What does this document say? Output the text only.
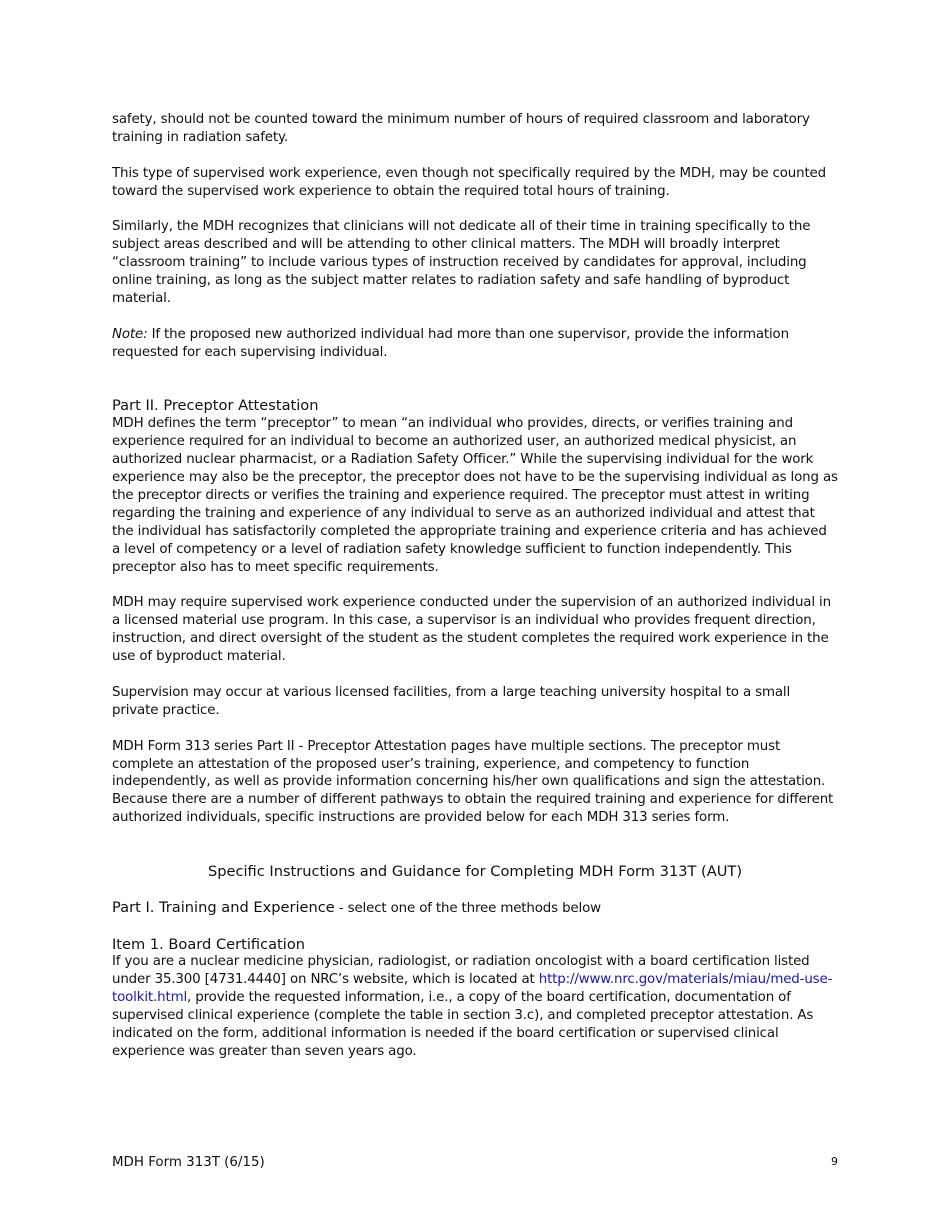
safety, should not be counted toward the minimum number of hours of required classroom and laboratory training in radiation safety.

This type of supervised work experience, even though not specifically required by the MDH, may be counted toward the supervised work experience to obtain the required total hours of training.

Similarly, the MDH recognizes that clinicians will not dedicate all of their time in training specifically to the subject areas described and will be attending to other clinical matters. The MDH will broadly interpret “classroom training” to include various types of instruction received by candidates for approval, including online training, as long as the subject matter relates to radiation safety and safe handling of byproduct material.

Note: If the proposed new authorized individual had more than one supervisor, provide the information requested for each supervising individual.

Part II. Preceptor Attestation

MDH defines the term “preceptor” to mean “an individual who provides, directs, or verifies training and experience required for an individual to become an authorized user, an authorized medical physicist, an authorized nuclear pharmacist, or a Radiation Safety Officer.” While the supervising individual for the work experience may also be the preceptor, the preceptor does not have to be the supervising individual as long as the preceptor directs or verifies the training and experience required. The preceptor must attest in writing regarding the training and experience of any individual to serve as an authorized individual and attest that the individual has satisfactorily completed the appropriate training and experience criteria and has achieved a level of competency or a level of radiation safety knowledge sufficient to function independently. This preceptor also has to meet specific requirements.

MDH may require supervised work experience conducted under the supervision of an authorized individual in a licensed material use program. In this case, a supervisor is an individual who provides frequent direction, instruction, and direct oversight of the student as the student completes the required work experience in the use of byproduct material.

Supervision may occur at various licensed facilities, from a large teaching university hospital to a small private practice.

MDH Form 313 series Part II - Preceptor Attestation pages have multiple sections. The preceptor must complete an attestation of the proposed user’s training, experience, and competency to function independently, as well as provide information concerning his/her own qualifications and sign the attestation. Because there are a number of different pathways to obtain the required training and experience for different authorized individuals, specific instructions are provided below for each MDH 313 series form.

Specific Instructions and Guidance for Completing MDH Form 313T (AUT)

Part I. Training and Experience - select one of the three methods below

Item 1. Board Certification

If you are a nuclear medicine physician, radiologist, or radiation oncologist with a board certification listed under 35.300 [4731.4440] on NRC’s website, which is located at http://www.nrc.gov/materials/miau/med-use-toolkit.html, provide the requested information, i.e., a copy of the board certification, documentation of supervised clinical experience (complete the table in section 3.c), and completed preceptor attestation. As indicated on the form, additional information is needed if the board certification or supervised clinical experience was greater than seven years ago.

MDH Form 313T (6/15)	9
